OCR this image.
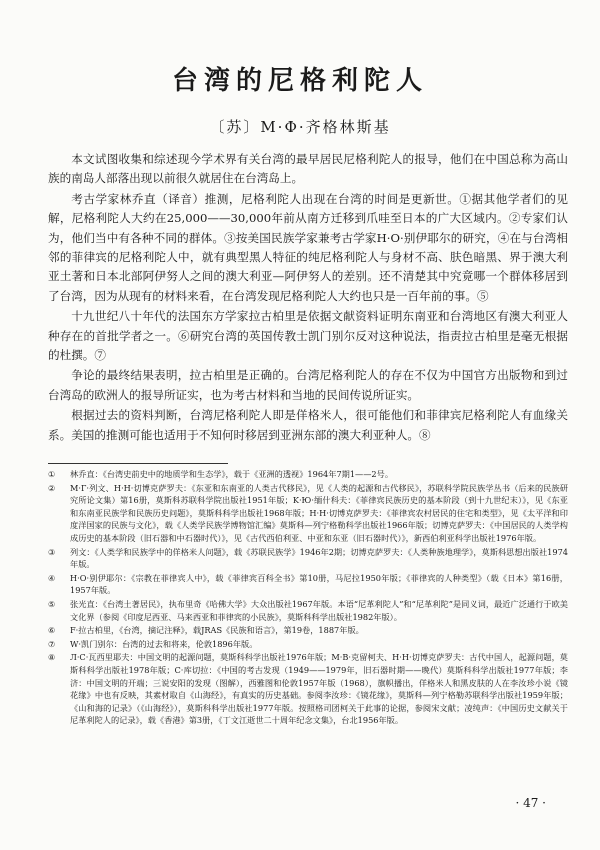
台湾的尼格利陀人
〔苏〕M·Ф·齐格林斯基

本文试图收集和综述现今学术界有关台湾的最早居民尼格利陀人的报导，他们在中国总称为高山族的南岛人部落出现以前很久就居住在台湾岛上。

考古学家林乔直（译音）推测，尼格利陀人出现在台湾的时间是更新世。①据其他学者们的见解，尼格利陀人大约在25,000——30,000年前从南方迁移到爪哇至日本的广大区域内。②专家们认为，他们当中有各种不同的群体。③按美国民族学家兼考古学家H·O·别伊耶尔的研究，④在与台湾相邻的菲律宾的尼格利陀人中，就有典型黑人特征的纯尼格利陀人与身材不高、肤色暗黑、界于澳大利亚土著和日本北部阿伊努人之间的澳大利亚—阿伊努人的差别。还不清楚其中究竟哪一个群体移居到了台湾，因为从现有的材料来看，在台湾发现尼格利陀人大约也只是一百年前的事。⑤

十九世纪八十年代的法国东方学家拉古柏里是依据文献资料证明东南亚和台湾地区有澳大利亚人种存在的首批学者之一。⑥研究台湾的英国传教士凯门别尔反对这种说法，指责拉古柏里是毫无根据的杜撰。⑦

争论的最终结果表明，拉古柏里是正确的。台湾尼格利陀人的存在不仅为中国官方出版物和到过台湾岛的欧洲人的报导所证实，也为考古材料和当地的民间传说所证实。

根据过去的资料判断，台湾尼格利陀人即是佯格米人，很可能他们和菲律宾尼格利陀人有血缘关系。美国的推测可能也适用于不知何时移居到亚洲东部的澳大利亚种人。⑧

① 林乔直：《台湾史前史中的地质学和生态学》，载于《亚洲的透视》1964年7期1——2号。
② M·Г·列文、H·H·切博克萨罗夫：《东亚和东南亚的人类古代移民》，见《人类的起源和古代移民》，苏联科学院民族学丛书（后来的民族研究所论文集）第16册，莫斯科苏联科学院出版社1951年版；K·Ю·缅什科夫：《菲律宾民族历史的基本阶段（到十九世纪末）》，见《东亚和东南亚民族学和民族历史问题》，莫斯科科学出版社1968年版；H·H·切博克萨罗夫：《菲律宾农村居民的住宅和类型》，见《太平洋和印度洋国家的民族与文化》，载《人类学民族学博物馆汇编》莫斯科—列宁格勒科学出版社1966年版；切博克萨罗夫：《中国居民的人类学构成历史的基本阶段（旧石器和中石器时代）》，见《古代西伯利亚、中亚和东亚（旧石器时代）》，新西伯利亚科学出版社1976年版。
③ 列文：《人类学和民族学中的佯格米人问题》，载《苏联民族学》1946年2期；切博克萨罗夫：《人类种族地理学》，莫斯科思想出版社1974年版。
④ H·O·别伊耶尔：《宗教在菲律宾人中》，载《菲律宾百科全书》第10册，马尼拉1950年版；《菲律宾的人种类型》（载《日本》第16册，1957年版。
⑤ 张光直：《台湾土著居民》，执布里奇《哈佛大学》大众出版社1967年版。本语“尼革利陀人”和“尼革利陀”是同义词，最近广泛通行于欧美文化界（参阅《印度尼西亚、马来西亚和菲律宾的小民族》，莫斯科科学出版社1982年版）。
⑥ F·拉古柏里，《台湾，摘记注释》，载JRAS《民族和语言》，第19卷，1887年版。
⑦ W·凯门别尔：台湾的过去和将来，伦敦1896年版。
⑧ Л·C·瓦西里耶夫：中国文明的起源问题，莫斯科科学出版社1976年版；M·B·克留柯夫、H·H·切博克萨罗夫：古代中国人，起源问题，莫斯科科学出版社1978年版；C·库切拉：《中国的考古发现（1949——1979年，旧石器时期——晚代）莫斯科科学出版社1977年版；李济：中国文明的开端；三说安阳的发现（图解），西雅图和伦敦1957年版（1968），旗帜播出，佯格米人和黑皮肤的人在李汝珍小说《镜花缘》中也有反映，其素材取自《山海经》，有真实的历史基础。参阅李汝珍：《镜花缘》，莫斯科—列宁格勒苏联科学出版社1959年版；《山和海的记录》（《山海经》），莫斯科科学出版社1977年版。按照格司团柯关于此事的论据，参阅宋文献；凌纯声：《中国历史文献关于尼革利陀人的记录》，载《香港》第3册，《丁文江逝世二十周年纪念文集》，台北1956年版。
· 47 ·
